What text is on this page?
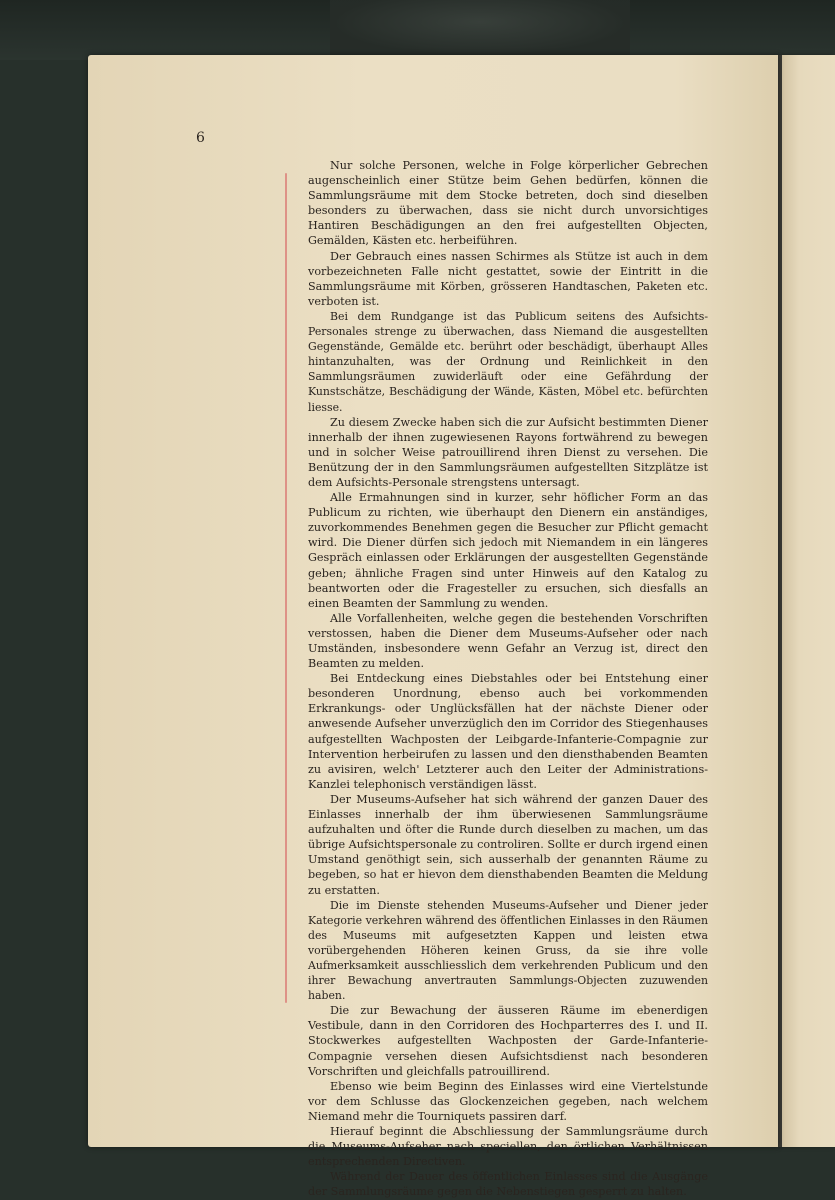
6

Nur solche Personen, welche in Folge körperlicher Gebrechen augenscheinlich einer Stütze beim Gehen bedürfen, können die Sammlungsräume mit dem Stocke betreten, doch sind dieselben besonders zu überwachen, dass sie nicht durch unvorsichtiges Hantiren Beschädigungen an den frei aufgestellten Objecten, Gemälden, Kästen etc. herbeiführen.

Der Gebrauch eines nassen Schirmes als Stütze ist auch in dem vorbezeichneten Falle nicht gestattet, sowie der Eintritt in die Sammlungsräume mit Körben, grösseren Handtaschen, Paketen etc. verboten ist.

Bei dem Rundgange ist das Publicum seitens des Aufsichts-Personales strenge zu überwachen, dass Niemand die ausgestellten Gegenstände, Gemälde etc. berührt oder beschädigt, überhaupt Alles hintanzuhalten, was der Ordnung und Reinlichkeit in den Sammlungsräumen zuwiderläuft oder eine Gefährdung der Kunstschätze, Beschädigung der Wände, Kästen, Möbel etc. befürchten liesse.

Zu diesem Zwecke haben sich die zur Aufsicht bestimmten Diener innerhalb der ihnen zugewiesenen Rayons fortwährend zu bewegen und in solcher Weise patrouillirend ihren Dienst zu versehen. Die Benützung der in den Sammlungsräumen aufgestellten Sitzplätze ist dem Aufsichts-Personale strengstens untersagt.

Alle Ermahnungen sind in kurzer, sehr höflicher Form an das Publicum zu richten, wie überhaupt den Dienern ein anständiges, zuvorkommendes Benehmen gegen die Besucher zur Pflicht gemacht wird. Die Diener dürfen sich jedoch mit Niemandem in ein längeres Gespräch einlassen oder Erklärungen der ausgestellten Gegenstände geben; ähnliche Fragen sind unter Hinweis auf den Katalog zu beantworten oder die Fragesteller zu ersuchen, sich diesfalls an einen Beamten der Sammlung zu wenden.

Alle Vorfallenheiten, welche gegen die bestehenden Vorschriften verstossen, haben die Diener dem Museums-Aufseher oder nach Umständen, insbesondere wenn Gefahr an Verzug ist, direct den Beamten zu melden.

Bei Entdeckung eines Diebstahles oder bei Entstehung einer besonderen Unordnung, ebenso auch bei vorkommenden Erkrankungs- oder Unglücksfällen hat der nächste Diener oder anwesende Aufseher unverzüglich den im Corridor des Stiegenhauses aufgestellten Wachposten der Leibgarde-Infanterie-Compagnie zur Intervention herbeirufen zu lassen und den diensthabenden Beamten zu avisiren, welch' Letzterer auch den Leiter der Administrations-Kanzlei telephonisch verständigen lässt.

Der Museums-Aufseher hat sich während der ganzen Dauer des Einlasses innerhalb der ihm überwiesenen Sammlungsräume aufzuhalten und öfter die Runde durch dieselben zu machen, um das übrige Aufsichtspersonale zu controliren. Sollte er durch irgend einen Umstand genöthigt sein, sich ausserhalb der genannten Räume zu begeben, so hat er hievon dem diensthabenden Beamten die Meldung zu erstatten.

Die im Dienste stehenden Museums-Aufseher und Diener jeder Kategorie verkehren während des öffentlichen Einlasses in den Räumen des Museums mit aufgesetzten Kappen und leisten etwa vorübergehenden Höheren keinen Gruss, da sie ihre volle Aufmerksamkeit ausschliesslich dem verkehrenden Publicum und den ihrer Bewachung anvertrauten Sammlungs-Objecten zuzuwenden haben.

Die zur Bewachung der äusseren Räume im ebenerdigen Vestibule, dann in den Corridoren des Hochparterres des I. und II. Stockwerkes aufgestellten Wachposten der Garde-Infanterie-Compagnie versehen diesen Aufsichtsdienst nach besonderen Vorschriften und gleichfalls patrouillirend.

Ebenso wie beim Beginn des Einlasses wird eine Viertelstunde vor dem Schlusse das Glockenzeichen gegeben, nach welchem Niemand mehr die Tourniquets passiren darf.

Hierauf beginnt die Abschliessung der Sammlungsräume durch die Museums-Aufseher nach speciellen, den örtlichen Verhältnissen entsprechenden Directiven.

Während der Dauer des öffentlichen Einlasses sind die Ausgänge der Sammlungsräume gegen die Nebenstiegen gesperrt zu halten.
